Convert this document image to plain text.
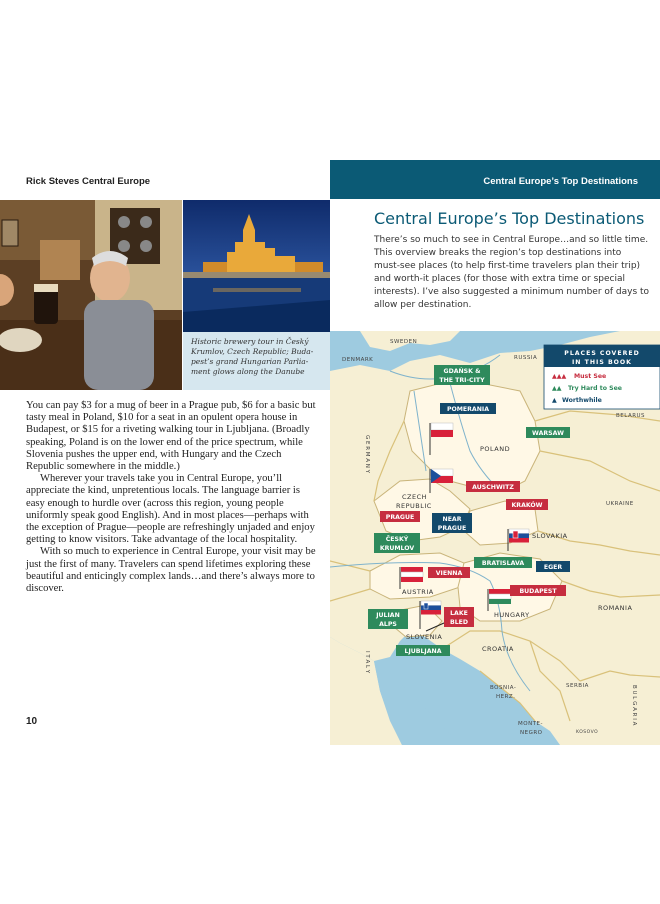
Rick Steves Central Europe
Historic brewery tour in Český
Krumlov, Czech Republic; Buda-
pest’s grand Hungarian Parlia-
ment glows along the Danube

You can pay $3 for a mug of beer in a Prague pub, $6 for a basic but tasty meal in Poland, $10 for a seat in an opulent opera house in Budapest, or $15 for a riveting walking tour in Ljubljana. (Broadly speaking, Poland is on the lower end of the price spectrum, while Slovenia pushes the upper end, with Hungary and the Czech Republic somewhere in the middle.)

Wherever your travels take you in Central Europe, you’ll appreciate the kind, unpretentious locals. The language barrier is easy enough to hurdle over (across this region, young people uniformly speak good English). And in most places—perhaps with the exception of Prague—people are refreshingly unjaded and enjoy getting to know visitors. Take advantage of the local hospitality.

With so much to experience in Central Europe, your visit may be just the first of many. Travelers can spend lifetimes exploring these beautiful and enticingly complex lands…and there’s always more to discover.

10
Central Europe’s Top Destinations
Central Europe’s Top Destinations
There’s so much to see in Central Europe…and so little time. This overview breaks the region’s top destinations into must-see places (to help first-time travelers plan their trip) and worth-it places (for those with extra time or special interests). I’ve also suggested a minimum number of days to allow per destination.
SWEDEN
DENMARK	RUSSIA
BELARUS
POLAND
CZECH
REPUBLIC	UKRAINE
SLOVAKIA
AUSTRIA
HUNGARY
ROMANIA
SLOVENIA
CROATIA
BOSNIA-
HERZ.
SERBIA
MONTE-
NEGRO	KOSOVO
G E R M A N Y
I T A L Y
B U L G A R I A
GDAŃSK &
THE TRI-CITY
POMERANIA
WARSAW
AUSCHWITZ
KRAKÓW
PRAGUE	NEAR
PRAGUE
ČESKÝ
KRUMLOV
BRATISLAVA
EGER
VIENNA
BUDAPEST
JULIAN
ALPS
LAKE
BLED
LJUBLJANA
PLACES COVERED
IN THIS BOOK
▲▲▲ Must See
▲▲ Try Hard to See
▲ Worthwhile
